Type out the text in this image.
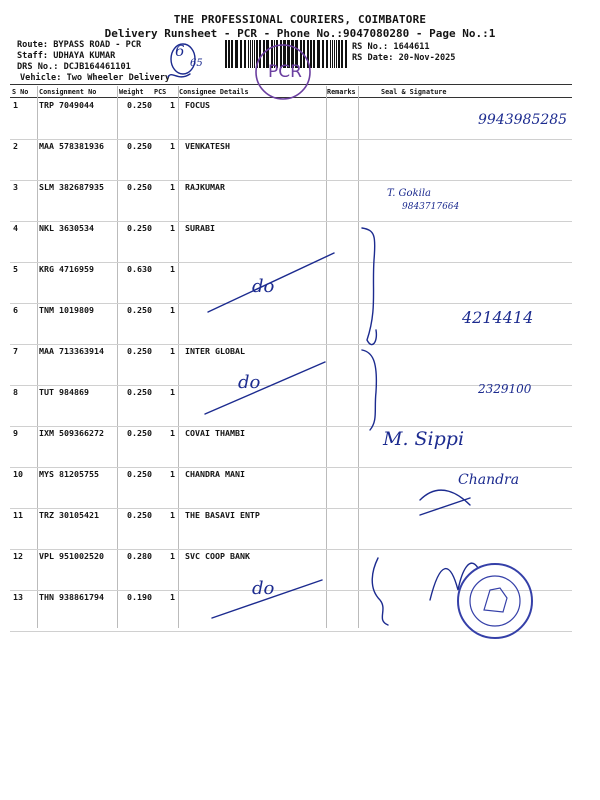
THE PROFESSIONAL COURIERS, COIMBATORE
Delivery Runsheet - PCR - Phone No.:9047080280 - Page No.:1
Route: BYPASS ROAD - PCR
Staff: UDHAYA KUMAR
DRS No.: DCJB164461101
Vehicle: Two Wheeler Delivery
RS No.: 1644611
RS Date: 20-Nov-2025
S No Consignment No	Weight PCS Consignee Details	Remarks	Seal & Signature
1	TRP 7049044	0.250 1 FOCUS
2	MAA 578381936	0.250 1 VENKATESH
3	SLM 382687935	0.250 1 RAJKUMAR
4	NKL 3630534	0.250 1 SURABI
5	KRG 4716959	0.630 1
6	TNM 1019809	0.250 1
7	MAA 713363914	0.250 1 INTER GLOBAL
8	TUT 984869	0.250 1
9	IXM 509366272	0.250 1 COVAI THAMBI
10 MYS 81205755	0.250 1 CHANDRA MANI
11 TRZ 30105421	0.250 1 THE BASAVI ENTP
12 VPL 951002520	0.280 1 SVC COOP BANK
13 THN 938861794	0.190 1
6
65	PCR
9943985285
T. Gokila
9843717664
4214414
2329100
M. Sippi
Chandra
do
do
do
